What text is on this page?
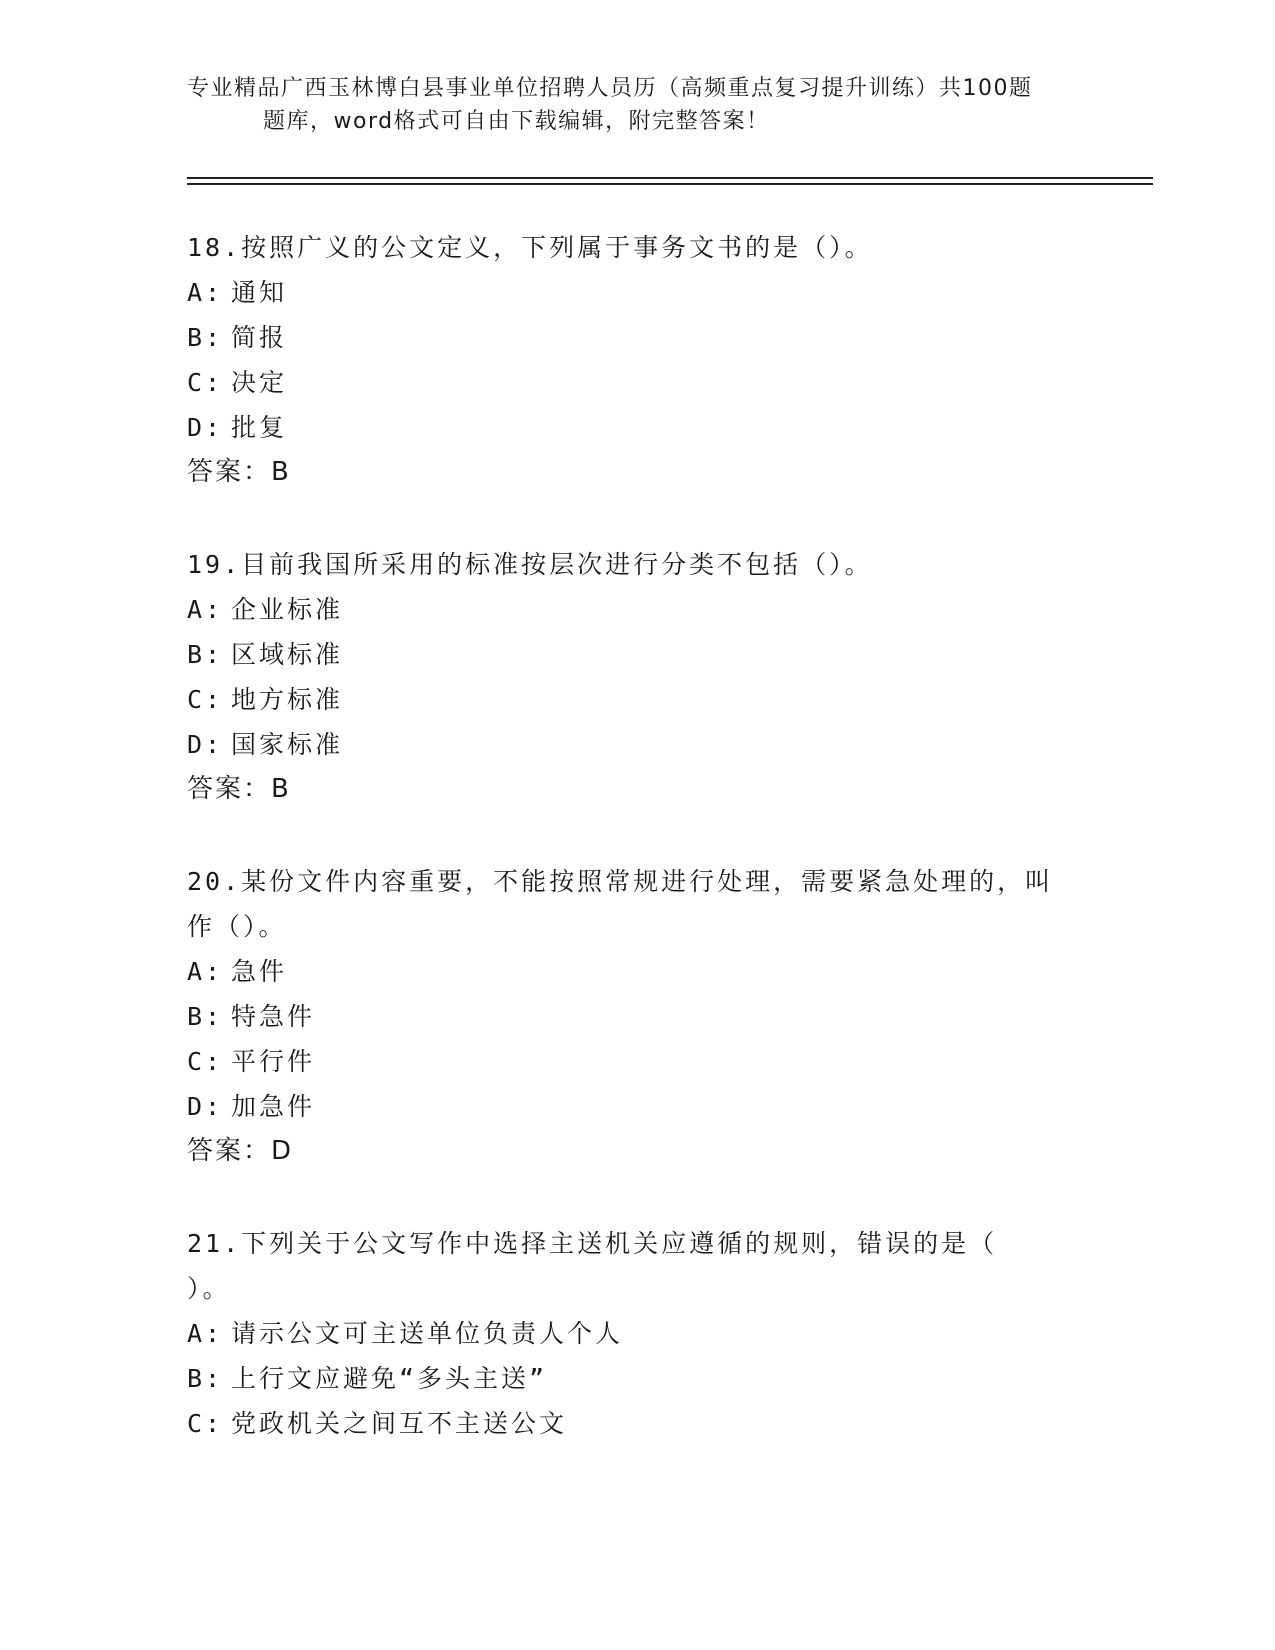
专业精品广西玉林博白县事业单位招聘人员历（高频重点复习提升训练）共100题
题库，word格式可自由下载编辑，附完整答案！
18.按照广义的公文定义，下列属于事务文书的是（）。
A: 通知
B: 简报
C: 决定
D: 批复
答案：B
19.目前我国所采用的标准按层次进行分类不包括（）。
A: 企业标准
B: 区域标准
C: 地方标准
D: 国家标准
答案：B
20.某份文件内容重要，不能按照常规进行处理，需要紧急处理的，叫
作（）。
A: 急件
B: 特急件
C: 平行件
D: 加急件
答案：D
21.下列关于公文写作中选择主送机关应遵循的规则，错误的是（
）。
A: 请示公文可主送单位负责人个人
B: 上行文应避免“多头主送”
C: 党政机关之间互不主送公文
